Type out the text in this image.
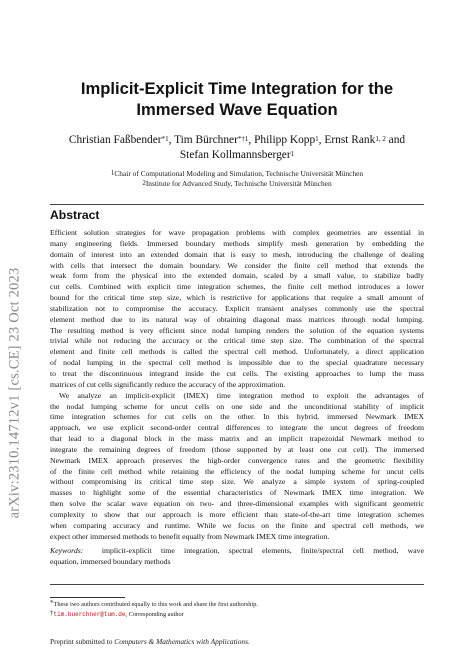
arXiv:2310.14712v1 [cs.CE] 23 Oct 2023
Implicit-Explicit Time Integration for the
Immersed Wave Equation
Christian Faßbender$^{*1}$, Tim Bürchner$^{*\dagger 1}$, Philipp Kopp$^1$, Ernst Rank$^{1, 2}$ and
Stefan Kollmannsberger$^1$
$^1$Chair of Computational Modeling and Simulation, Technische Universität München
$^2$Institute for Advanced Study, Technische Universität München
Abstract
Efficient solution strategies for wave propagation problems with complex geometries are essential in
many engineering fields. Immersed boundary methods simplify mesh generation by embedding the
domain of interest into an extended domain that is easy to mesh, introducing the challenge of dealing
with cells that intersect the domain boundary. We consider the finite cell method that extends the
weak form from the physical into the extended domain, scaled by a small value, to stabilize badly
cut cells. Combined with explicit time integration schemes, the finite cell method introduces a lower
bound for the critical time step size, which is restrictive for applications that require a small amount of
stabilization not to compromise the accuracy. Explicit transient analyses commonly use the spectral
element method due to its natural way of obtaining diagonal mass matrices through nodal lumping.
The resulting method is very efficient since nodal lumping renders the solution of the equation systems
trivial while not reducing the accuracy or the critical time step size. The combination of the spectral
element and finite cell methods is called the spectral cell method. Unfortunately, a direct application
of nodal lumping in the spectral cell method is impossible due to the special quadrature necessary
to treat the discontinuous integrand inside the cut cells. The existing approaches to lump the mass
matrices of cut cells significantly reduce the accuracy of the approximation.
We analyze an implicit-explicit (IMEX) time integration method to exploit the advantages of
the nodal lumping scheme for uncut cells on one side and the unconditional stability of implicit
time integration schemes for cut cells on the other. In this hybrid, immersed Newmark IMEX
approach, we use explicit second-order central differences to integrate the uncut degrees of freedom
that lead to a diagonal block in the mass matrix and an implicit trapezoidal Newmark method to
integrate the remaining degrees of freedom (those supported by at least one cut cell). The immersed
Newmark IMEX approach preserves the high-order convergence rates and the geometric flexibility
of the finite cell method while retaining the efficiency of the nodal lumping scheme for uncut cells
without compromising its critical time step size. We analyze a simple system of spring-coupled
masses to highlight some of the essential characteristics of Newmark IMEX time integration. We
then solve the scalar wave equation on two- and three-dimensional examples with significant geometric
complexity to show that our approach is more efficient than state-of-the-art time integration schemes
when comparing accuracy and runtime. While we focus on the finite and spectral cell methods, we
expect other immersed methods to benefit equally from Newmark IMEX time integration.
Keywords: implicit-explicit time integration, spectral elements, finite/spectral cell method, wave
equation, immersed boundary methods
*These two authors contributed equally to this work and share the first authorship.
†tim.buerchner@tum.de, Corresponding author
Preprint submitted to Computers & Mathematics with Applications.
